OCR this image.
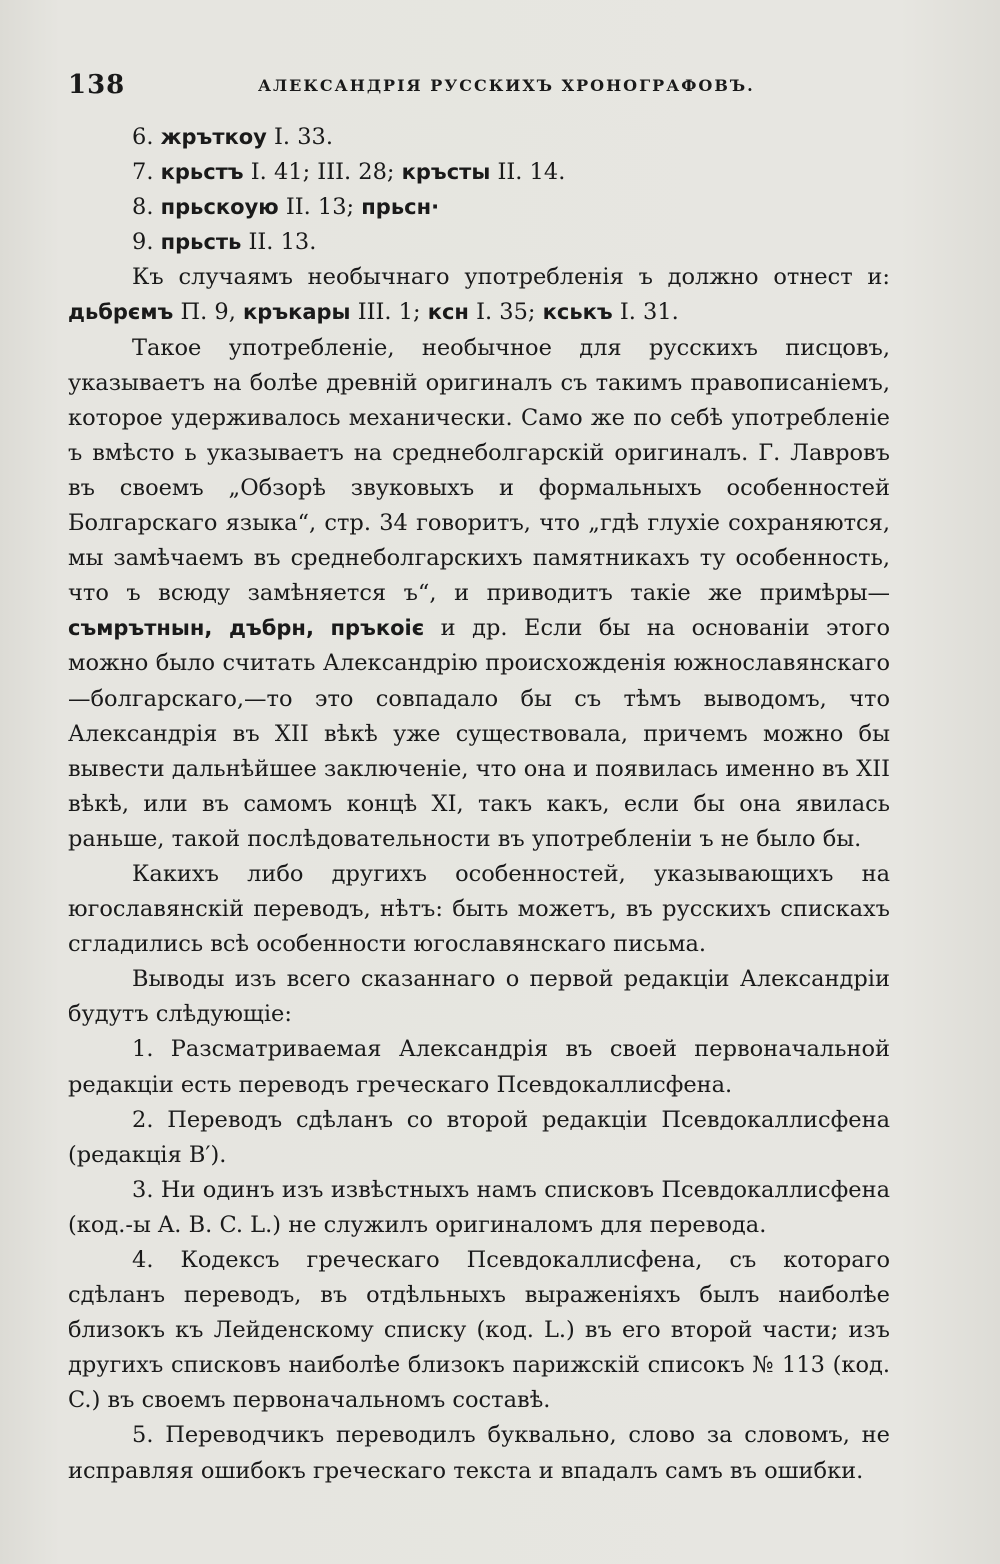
138	АЛЕКСАНДРІЯ РУССКИХЪ ХРОНОГРАФОВЪ.
6. жръткоу I. 33.
7. крьстъ I. 41; III. 28; кръсты II. 14.
8. прьскоую II. 13; прьсн·
9. прьсть II. 13.

Къ случаямъ необычнаго употребленія ъ должно отнест и: дьбрємъ П. 9, кръкары III. 1; ксн I. 35; кськъ I. 31.

Такое употребленіе, необычное для русскихъ писцовъ, указываетъ на болѣе древній оригиналъ съ такимъ правописаніемъ, которое удерживалось механически. Само же по себѣ употребленіе ъ вмѣсто ь указываетъ на среднеболгарскій оригиналъ. Г. Лавровъ въ своемъ „Обзорѣ звуковыхъ и формальныхъ особенностей Болгарскаго языка“, стр. 34 говоритъ, что „гдѣ глухіе сохраняются, мы замѣчаемъ въ среднеболгарскихъ памятникахъ ту особенность, что ъ всюду замѣняется ъ“, и приводитъ такіе же примѣры—съмрътнын, дъбрн, пръкоіє и др. Если бы на основаніи этого можно было считать Александрію происхожденія южнославянскаго—болгарскаго,—то это совпадало бы съ тѣмъ выводомъ, что Александрія въ XII вѣкѣ уже существовала, причемъ можно бы вывести дальнѣйшее заключеніе, что она и появилась именно въ XII вѣкѣ, или въ самомъ концѣ XI, такъ какъ, если бы она явилась раньше, такой послѣдовательности въ употребленіи ъ не было бы.

Какихъ либо другихъ особенностей, указывающихъ на югославянскій переводъ, нѣтъ: быть можетъ, въ русскихъ спискахъ сгладились всѣ особенности югославянскаго письма.

Выводы изъ всего сказаннаго о первой редакціи Александріи будутъ слѣдующіе:

1. Разсматриваемая Александрія въ своей первоначальной редакціи есть переводъ греческаго Псевдокаллисфена.

2. Переводъ сдѣланъ со второй редакціи Псевдокаллисфена (редакція B′).

3. Ни одинъ изъ извѣстныхъ намъ списковъ Псевдокаллисфена (код.-ы A. B. C. L.) не служилъ оригиналомъ для перевода.

4. Кодексъ греческаго Псевдокаллисфена, съ котораго сдѣланъ переводъ, въ отдѣльныхъ выраженіяхъ былъ наиболѣе близокъ къ Лейденскому списку (код. L.) въ его второй части; изъ другихъ списковъ наиболѣе близокъ парижскій списокъ № 113 (код. C.) въ своемъ первоначальномъ составѣ.

5. Переводчикъ переводилъ буквально, слово за словомъ, не исправляя ошибокъ греческаго текста и впадалъ самъ въ ошибки.
